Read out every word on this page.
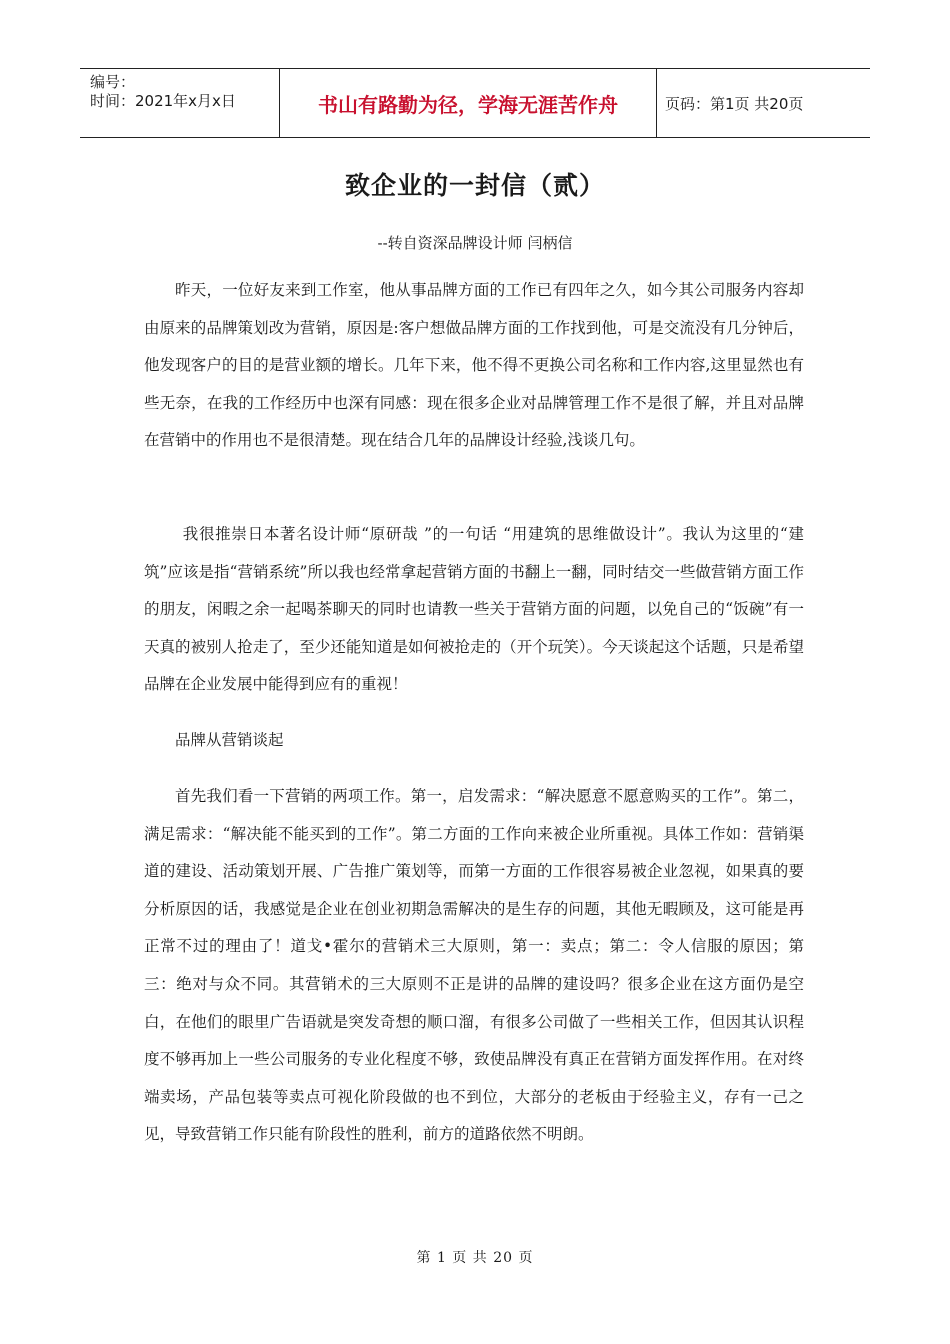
编号：
时间：2021年x月x日	书山有路勤为径，学海无涯苦作舟	页码：第1页 共20页
致企业的一封信（贰）
--转自资深品牌设计师 闫柄信

昨天，一位好友来到工作室，他从事品牌方面的工作已有四年之久，如今其公司服务内容却由原来的品牌策划改为营销，原因是:客户想做品牌方面的工作找到他，可是交流没有几分钟后，他发现客户的目的是营业额的增长。几年下来，他不得不更换公司名称和工作内容,这里显然也有些无奈，在我的工作经历中也深有同感：现在很多企业对品牌管理工作不是很了解，并且对品牌在营销中的作用也不是很清楚。现在结合几年的品牌设计经验,浅谈几句。

我很推崇日本著名设计师“原研哉 ”的一句话 “用建筑的思维做设计”。我认为这里的“建筑”应该是指“营销系统”所以我也经常拿起营销方面的书翻上一翻，同时结交一些做营销方面工作的朋友，闲暇之余一起喝茶聊天的同时也请教一些关于营销方面的问题，以免自己的“饭碗”有一天真的被别人抢走了，至少还能知道是如何被抢走的（开个玩笑）。今天谈起这个话题，只是希望品牌在企业发展中能得到应有的重视！

品牌从营销谈起

首先我们看一下营销的两项工作。第一，启发需求：“解决愿意不愿意购买的工作”。第二，满足需求：“解决能不能买到的工作”。第二方面的工作向来被企业所重视。具体工作如：营销渠道的建设、活动策划开展、广告推广策划等，而第一方面的工作很容易被企业忽视，如果真的要分析原因的话，我感觉是企业在创业初期急需解决的是生存的问题，其他无暇顾及，这可能是再正常不过的理由了！道戈•霍尔的营销术三大原则，第一：卖点；第二：令人信服的原因；第三：绝对与众不同。其营销术的三大原则不正是讲的品牌的建设吗？很多企业在这方面仍是空白，在他们的眼里广告语就是突发奇想的顺口溜，有很多公司做了一些相关工作，但因其认识程度不够再加上一些公司服务的专业化程度不够，致使品牌没有真正在营销方面发挥作用。在对终端卖场，产品包装等卖点可视化阶段做的也不到位，大部分的老板由于经验主义，存有一己之见，导致营销工作只能有阶段性的胜利，前方的道路依然不明朗。

第 1 页 共 20 页
